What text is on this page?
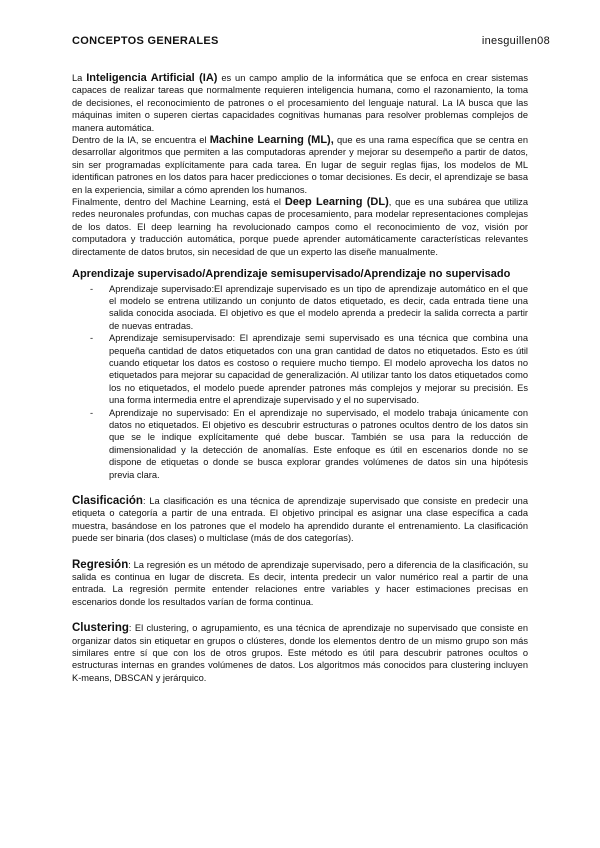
CONCEPTOS GENERALES	inesguillen08

La Inteligencia Artificial (IA) es un campo amplio de la informática que se enfoca en crear sistemas capaces de realizar tareas que normalmente requieren inteligencia humana, como el razonamiento, la toma de decisiones, el reconocimiento de patrones o el procesamiento del lenguaje natural. La IA busca que las máquinas imiten o superen ciertas capacidades cognitivas humanas para resolver problemas complejos de manera automática.

Dentro de la IA, se encuentra el Machine Learning (ML), que es una rama específica que se centra en desarrollar algoritmos que permiten a las computadoras aprender y mejorar su desempeño a partir de datos, sin ser programadas explícitamente para cada tarea. En lugar de seguir reglas fijas, los modelos de ML identifican patrones en los datos para hacer predicciones o tomar decisiones. Es decir, el aprendizaje se basa en la experiencia, similar a cómo aprenden los humanos.

Finalmente, dentro del Machine Learning, está el Deep Learning (DL), que es una subárea que utiliza redes neuronales profundas, con muchas capas de procesamiento, para modelar representaciones complejas de los datos. El deep learning ha revolucionado campos como el reconocimiento de voz, visión por computadora y traducción automática, porque puede aprender automáticamente características relevantes directamente de datos brutos, sin necesidad de que un experto las diseñe manualmente.

Aprendizaje supervisado/Aprendizaje semisupervisado/Aprendizaje no supervisado
- Aprendizaje supervisado:El aprendizaje supervisado es un tipo de aprendizaje automático en el que el modelo se entrena utilizando un conjunto de datos etiquetado, es decir, cada entrada tiene una salida conocida asociada. El objetivo es que el modelo aprenda a predecir la salida correcta a partir de nuevas entradas.
- Aprendizaje semisupervisado: El aprendizaje semi supervisado es una técnica que combina una pequeña cantidad de datos etiquetados con una gran cantidad de datos no etiquetados. Esto es útil cuando etiquetar los datos es costoso o requiere mucho tiempo. El modelo aprovecha los datos no etiquetados para mejorar su capacidad de generalización. Al utilizar tanto los datos etiquetados como los no etiquetados, el modelo puede aprender patrones más complejos y mejorar su precisión. Es una forma intermedia entre el aprendizaje supervisado y el no supervisado.
- Aprendizaje no supervisado: En el aprendizaje no supervisado, el modelo trabaja únicamente con datos no etiquetados. El objetivo es descubrir estructuras o patrones ocultos dentro de los datos sin que se le indique explícitamente qué debe buscar. También se usa para la reducción de dimensionalidad y la detección de anomalías. Este enfoque es útil en escenarios donde no se dispone de etiquetas o donde se busca explorar grandes volúmenes de datos sin una hipótesis previa clara.

Clasificación: La clasificación es una técnica de aprendizaje supervisado que consiste en predecir una etiqueta o categoría a partir de una entrada. El objetivo principal es asignar una clase específica a cada muestra, basándose en los patrones que el modelo ha aprendido durante el entrenamiento. La clasificación puede ser binaria (dos clases) o multiclase (más de dos categorías).

Regresión: La regresión es un método de aprendizaje supervisado, pero a diferencia de la clasificación, su salida es continua en lugar de discreta. Es decir, intenta predecir un valor numérico real a partir de una entrada. La regresión permite entender relaciones entre variables y hacer estimaciones precisas en escenarios donde los resultados varían de forma continua.

Clustering: El clustering, o agrupamiento, es una técnica de aprendizaje no supervisado que consiste en organizar datos sin etiquetar en grupos o clústeres, donde los elementos dentro de un mismo grupo son más similares entre sí que con los de otros grupos. Este método es útil para descubrir patrones ocultos o estructuras internas en grandes volúmenes de datos. Los algoritmos más conocidos para clustering incluyen K-means, DBSCAN y jerárquico.
